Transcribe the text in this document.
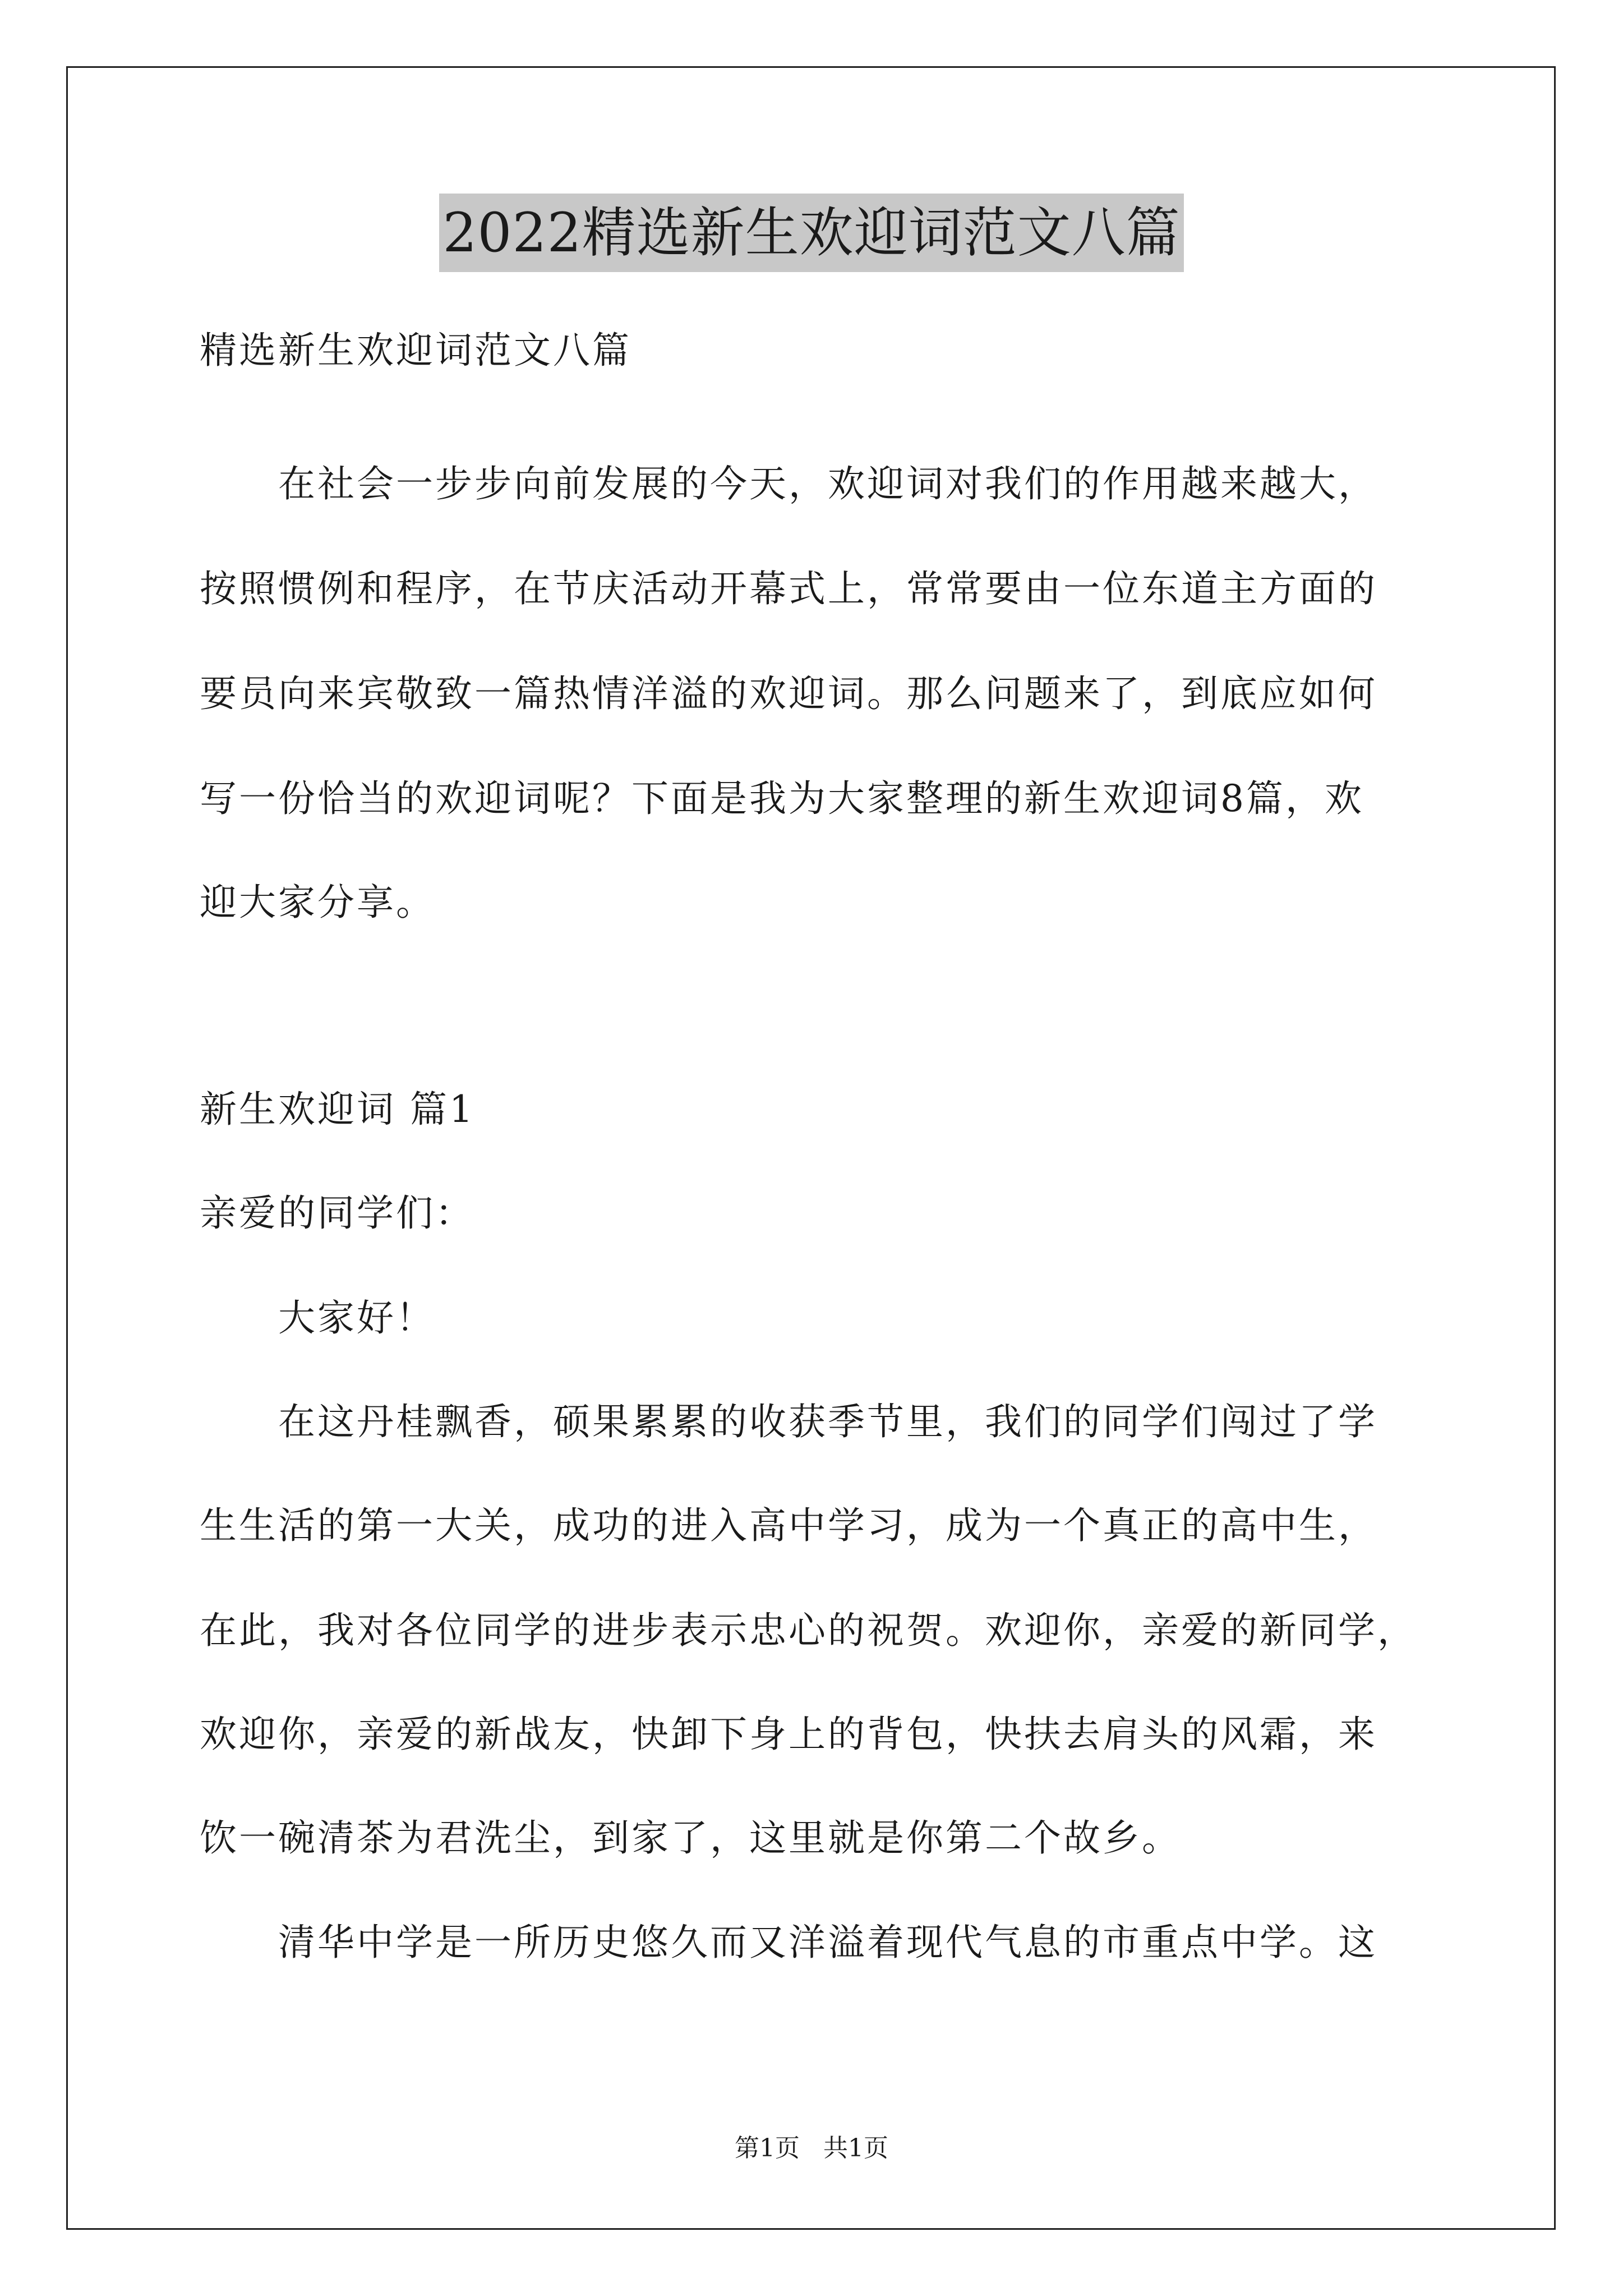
2022精选新生欢迎词范文八篇
精选新生欢迎词范文八篇
　　在社会一步步向前发展的今天，欢迎词对我们的作用越来越大，
按照惯例和程序，在节庆活动开幕式上，常常要由一位东道主方面的
要员向来宾敬致一篇热情洋溢的欢迎词。那么问题来了，到底应如何
写一份恰当的欢迎词呢？下面是我为大家整理的新生欢迎词8篇，欢
迎大家分享。
新生欢迎词 篇1
亲爱的同学们：
　　大家好！
　　在这丹桂飘香，硕果累累的收获季节里，我们的同学们闯过了学
生生活的第一大关，成功的进入高中学习，成为一个真正的高中生，
在此，我对各位同学的进步表示忠心的祝贺。欢迎你，亲爱的新同学，
欢迎你，亲爱的新战友，快卸下身上的背包，快扶去肩头的风霜，来
饮一碗清茶为君洗尘，到家了，这里就是你第二个故乡。
　　清华中学是一所历史悠久而又洋溢着现代气息的市重点中学。这
第1页 共1页
